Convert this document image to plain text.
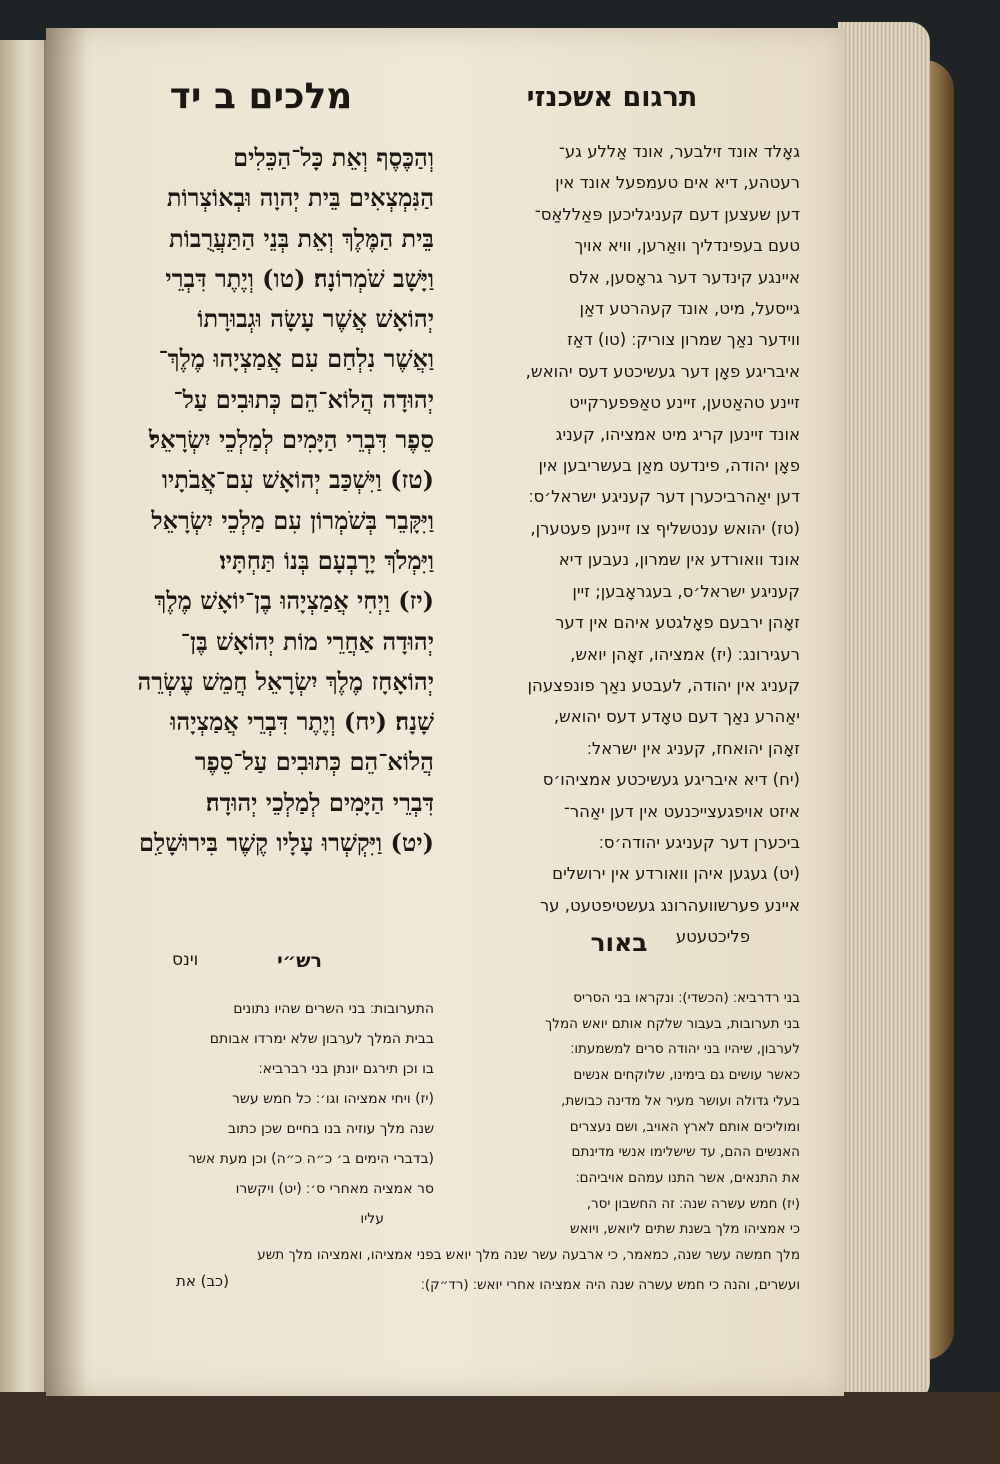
תרגום אשכנזי
מלכים ב יד
גאָלד אונד זילבער, אונד אַללע גע־
רעטהע, דיא אים טעמפעל אונד אין
דען שעצען דעם קעניגליכען פּאַללאַס־
טעם בעפינדליך וואַרען, וויא אויך
איינגע קינדער דער גראָסען, אלס
גייסעל, מיט, אונד קעהרטע דאַן
ווידער נאַך שמרון צוריק׃ (טו) דאַז
איבריגע פאָן דער געשיכטע דעס יהואש,
זיינע טהאַטען, זיינע טאַפּפערקייט
אונד זיינען קריג מיט אמציהו, קעניג
פאָן יהודה, פינדעט מאַן בעשריבען אין
דען יאַהרביכערן דער קעניגע ישראל׳ס׃
(טז) יהואש ענטשליף צו זיינען פעטערן,
אונד וואורדע אין שמרון, נעבען דיא
קעניגע ישראל׳ס, בעגראָבען; זיין
זאָהן ירבעם פאָלגטע איהם אין דער
רעגירונג׃ (יז) אמציהו, זאָהן יואש,
קעניג אין יהודה, לעבטע נאַך פונפצעהן
יאַהרע נאַך דעם טאָדע דעס יהואש,
זאָהן יהואחז, קעניג אין ישראל׃
(יח) דיא איבריגע געשיכטע אמציהו׳ס
איזט אויפגעצייכנעט אין דען יאַהר־
ביכערן דער קעניגע יהודה׳ס׃
(יט) געגען איהן וואורדע אין ירושלים
איינע פערשוועהרונג געשטיפטעט, ער
פליכטעטע
וְהַכֶּסֶף וְאֵת כָּל־הַכֵּלִים
הַנִּמְצְאִים בֵּית יְהוָה וּבְאוֹצְרוֹת
בֵּית הַמֶּלֶךְ וְאֵת בְּנֵי הַתַּעֲרֻבוֹת
וַיָּשָׁב שֹׁמְרוֹנָה׃ (טו) וְיֶתֶר דִּבְרֵי
יְהוֹאָשׁ אֲשֶׁר עָשָׂה וּגְבוּרָתוֹ
וַאֲשֶׁר נִלְחַם עִם אֲמַצְיָהוּ מֶלֶךְ־
יְהוּדָה הֲלוֹא־הֵם כְּתוּבִים עַל־
סֵפֶר דִּבְרֵי הַיָּמִים לְמַלְכֵי יִשְׂרָאֵל׃
(טז) וַיִּשְׁכַּב יְהוֹאָשׁ עִם־אֲבֹתָיו
וַיִּקָּבֵר בְּשֹׁמְרוֹן עִם מַלְכֵי יִשְׂרָאֵל
וַיִּמְלֹךְ יָרָבְעָם בְּנוֹ תַּחְתָּיו׃
(יז) וַיְחִי אֲמַצְיָהוּ בֶן־יוֹאָשׁ מֶלֶךְ
יְהוּדָה אַחֲרֵי מוֹת יְהוֹאָשׁ בֶּן־
יְהוֹאָחָז מֶלֶךְ יִשְׂרָאֵל חֲמֵשׁ עֶשְׂרֵה
שָׁנָה׃ (יח) וְיֶתֶר דִּבְרֵי אֲמַצְיָהוּ
הֲלוֹא־הֵם כְּתוּבִים עַל־סֵפֶר
דִּבְרֵי הַיָּמִים לְמַלְכֵי יְהוּדָה׃
(יט) וַיִּקְשְׁרוּ עָלָיו קֶשֶׁר בִּירוּשָׁלַ͏ִם
באור
בני רדרביא׃ (הכשדי)׃ ונקראו בני הסריס
בני תערובות, בעבור שלקח אותם יואש המלך
לערבון, שיהיו בני יהודה סרים למשמעתו׃
כאשר עושים גם בימינו, שלוקחים אנשים
בעלי גדולה ועושר מעיר אל מדינה כבושת,
ומוליכים אותם לארץ האויב, ושם נעצרים
האנשים ההם, עד שישלימו אנשי מדינתם
את התנאים, אשר התנו עמהם אויביהם׃
(יז) חמש עשרה שנה׃ זה החשבון יסר,
כי אמציהו מלך בשנת שתים ליואש, ויואש
רש״י
וינס
התערובות׃ בני השרים שהיו נתונים
בבית המלך לערבון שלא ימרדו אבותם
בו וכן תירגם יונתן בני רברביא׃
(יז) ויחי אמציהו וגו׳׃ כל חמש עשר
שנה מלך עוזיה בנו בחיים שכן כתוב
(בדברי הימים ב׳ כ״ה כ״ה) וכן מעת אשר
סר אמציה מאחרי ס׳׃ (יט) ויקשרו
עליו
מלך חמשה עשר שנה, כמאמר, כי ארבעה עשר שנה מלך יואש בפני אמציהו, ואמציהו מלך תשע
ועשרים, והנה כי חמש עשרה שנה היה אמציהו אחרי יואש׃ (רד״ק)׃
(כב) את
